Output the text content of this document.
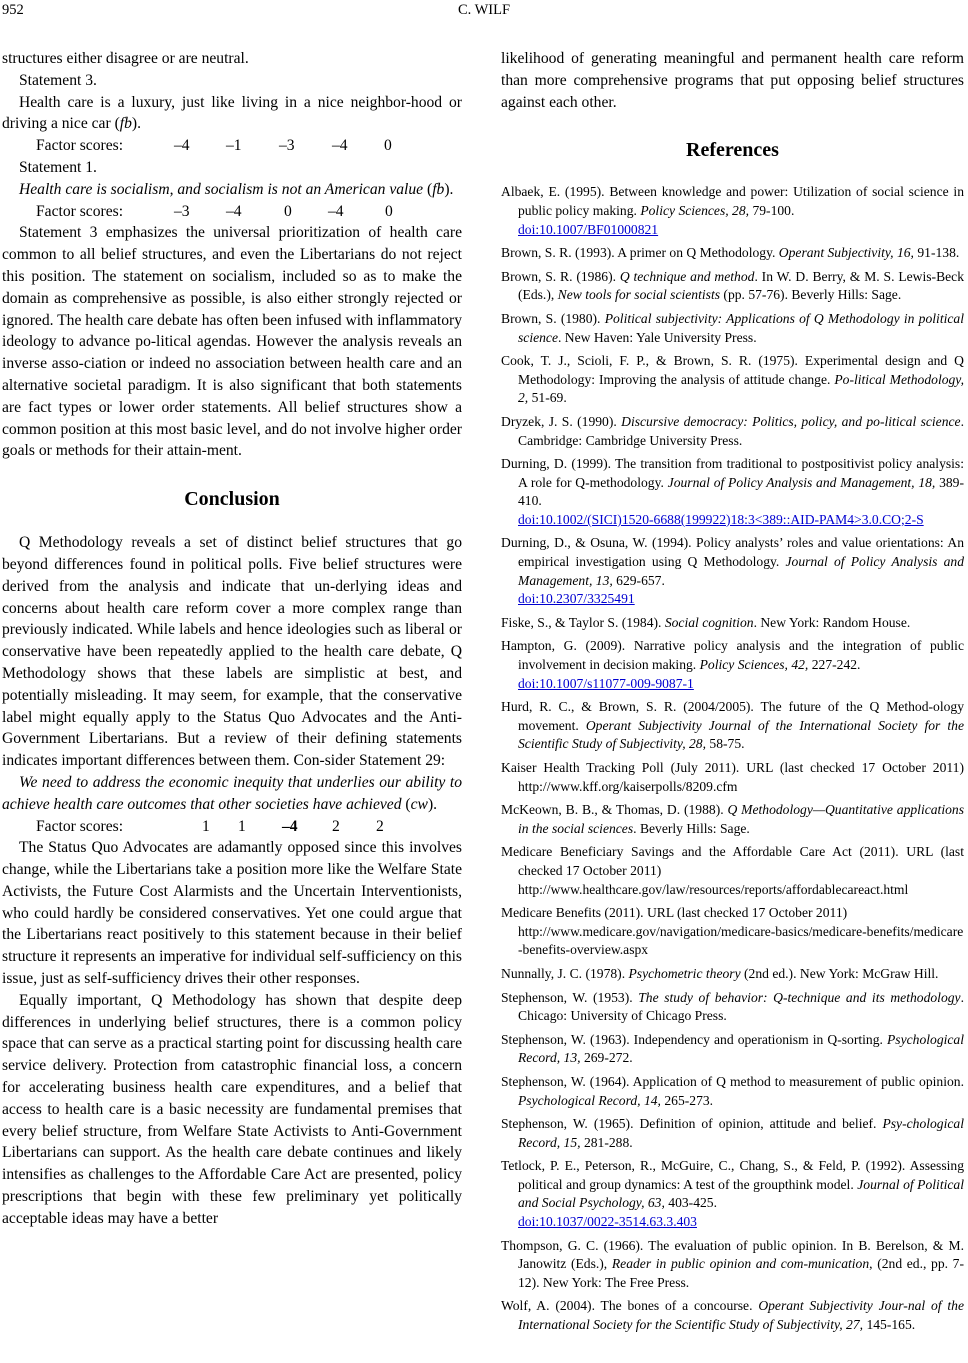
952	C. WILF

structures either disagree or are neutral.

Statement 3.

Health care is a luxury, just like living in a nice neighbor-hood or driving a nice car (fb).

Factor scores:	–4 –1 –3 –4 0

Statement 1.

Health care is socialism, and socialism is not an American value (fb).

Factor scores:	–3 –4	0 –4	0

Statement 3 emphasizes the universal prioritization of health care common to all belief structures, and even the Libertarians do not reject this position. The statement on socialism, included so as to make the domain as comprehensive as possible, is also either strongly rejected or ignored. The health care debate has often been infused with inflammatory ideology to advance po-litical agendas. However the analysis reveals an inverse asso-ciation or indeed no association between health care and an alternative societal paradigm. It is also significant that both statements are fact types or lower order statements. All belief structures show a common position at this most basic level, and do not involve higher order goals or methods for their attain-ment.

Conclusion

Q Methodology reveals a set of distinct belief structures that go beyond differences found in political polls. Five belief structures were derived from the analysis and indicate that un-derlying ideas and concerns about health care reform cover a more complex range than previously indicated. While labels and hence ideologies such as liberal or conservative have been repeatedly applied to the health care debate, Q Methodology shows that these labels are simplistic at best, and potentially misleading. It may seem, for example, that the conservative label might equally apply to the Status Quo Advocates and the Anti-Government Libertarians. But a review of their defining statements indicates important differences between them. Con-sider Statement 29:

We need to address the economic inequity that underlies our ability to achieve health care outcomes that other societies have achieved (cw).

Factor scores:	1 1 –4 2 2

The Status Quo Advocates are adamantly opposed since this involves change, while the Libertarians take a position more like the Welfare State Activists, the Future Cost Alarmists and the Uncertain Interventionists, who could hardly be considered conservatives. Yet one could argue that the Libertarians react positively to this statement because in their belief structure it represents an imperative for individual self-sufficiency on this issue, just as self-sufficiency drives their other responses.

Equally important, Q Methodology has shown that despite deep differences in underlying belief structures, there is a common policy space that can serve as a practical starting point for discussing health care service delivery. Protection from catastrophic financial loss, a concern for accelerating business health care expenditures, and a belief that access to health care is a basic necessity are fundamental premises that every belief structure, from Welfare State Activists to Anti-Government Libertarians can support. As the health care debate continues and likely intensifies as challenges to the Affordable Care Act are presented, policy prescriptions that begin with these few preliminary yet politically acceptable ideas may have a better

likelihood of generating meaningful and permanent health care reform than more comprehensive programs that put opposing belief structures against each other.

References

Albaek, E. (1995). Between knowledge and power: Utilization of social science in public policy making. Policy Sciences, 28, 79-100.
doi:10.1007/BF01000821

Brown, S. R. (1993). A primer on Q Methodology. Operant Subjectivity, 16, 91-138.

Brown, S. R. (1986). Q technique and method. In W. D. Berry, & M. S. Lewis-Beck (Eds.), New tools for social scientists (pp. 57-76). Beverly Hills: Sage.

Brown, S. (1980). Political subjectivity: Applications of Q Methodology in political science. New Haven: Yale University Press.

Cook, T. J., Scioli, F. P., & Brown, S. R. (1975). Experimental design and Q Methodology: Improving the analysis of attitude change. Po-litical Methodology, 2, 51-69.

Dryzek, J. S. (1990). Discursive democracy: Politics, policy, and po-litical science. Cambridge: Cambridge University Press.

Durning, D. (1999). The transition from traditional to postpositivist policy analysis: A role for Q-methodology. Journal of Policy Analysis and Management, 18, 389-410.
doi:10.1002/(SICI)1520-6688(199922)18:3<389::AID-PAM4>3.0.CO;2-S

Durning, D., & Osuna, W. (1994). Policy analysts’ roles and value orientations: An empirical investigation using Q Methodology. Journal of Policy Analysis and Management, 13, 629-657.
doi:10.2307/3325491

Fiske, S., & Taylor S. (1984). Social cognition. New York: Random House.

Hampton, G. (2009). Narrative policy analysis and the integration of public involvement in decision making. Policy Sciences, 42, 227-242.
doi:10.1007/s11077-009-9087-1

Hurd, R. C., & Brown, S. R. (2004/2005). The future of the Q Method-ology movement. Operant Subjectivity Journal of the International Society for the Scientific Study of Subjectivity, 28, 58-75.

Kaiser Health Tracking Poll (July 2011). URL (last checked 17 October 2011) http://www.kff.org/kaiserpolls/8209.cfm

McKeown, B. B., & Thomas, D. (1988). Q Methodology—Quantitative applications in the social sciences. Beverly Hills: Sage.

Medicare Beneficiary Savings and the Affordable Care Act (2011). URL (last checked 17 October 2011)
http://www.healthcare.gov/law/resources/reports/affordablecareact.html

Medicare Benefits (2011). URL (last checked 17 October 2011)
http://www.medicare.gov/navigation/medicare-basics/medicare-benefits/medicare-benefits-overview.aspx

Nunnally, J. C. (1978). Psychometric theory (2nd ed.). New York: McGraw Hill.

Stephenson, W. (1953). The study of behavior: Q-technique and its methodology. Chicago: University of Chicago Press.

Stephenson, W. (1963). Independency and operationism in Q-sorting. Psychological Record, 13, 269-272.

Stephenson, W. (1964). Application of Q method to measurement of public opinion. Psychological Record, 14, 265-273.

Stephenson, W. (1965). Definition of opinion, attitude and belief. Psy-chological Record, 15, 281-288.

Tetlock, P. E., Peterson, R., McGuire, C., Chang, S., & Feld, P. (1992). Assessing political and group dynamics: A test of the groupthink model. Journal of Political and Social Psychology, 63, 403-425.
doi:10.1037/0022-3514.63.3.403

Thompson, G. C. (1966). The evaluation of public opinion. In B. Berelson, & M. Janowitz (Eds.), Reader in public opinion and com-munication, (2nd ed., pp. 7-12). New York: The Free Press.

Wolf, A. (2004). The bones of a concourse. Operant Subjectivity Jour-nal of the International Society for the Scientific Study of Subjectivity, 27, 145-165.
